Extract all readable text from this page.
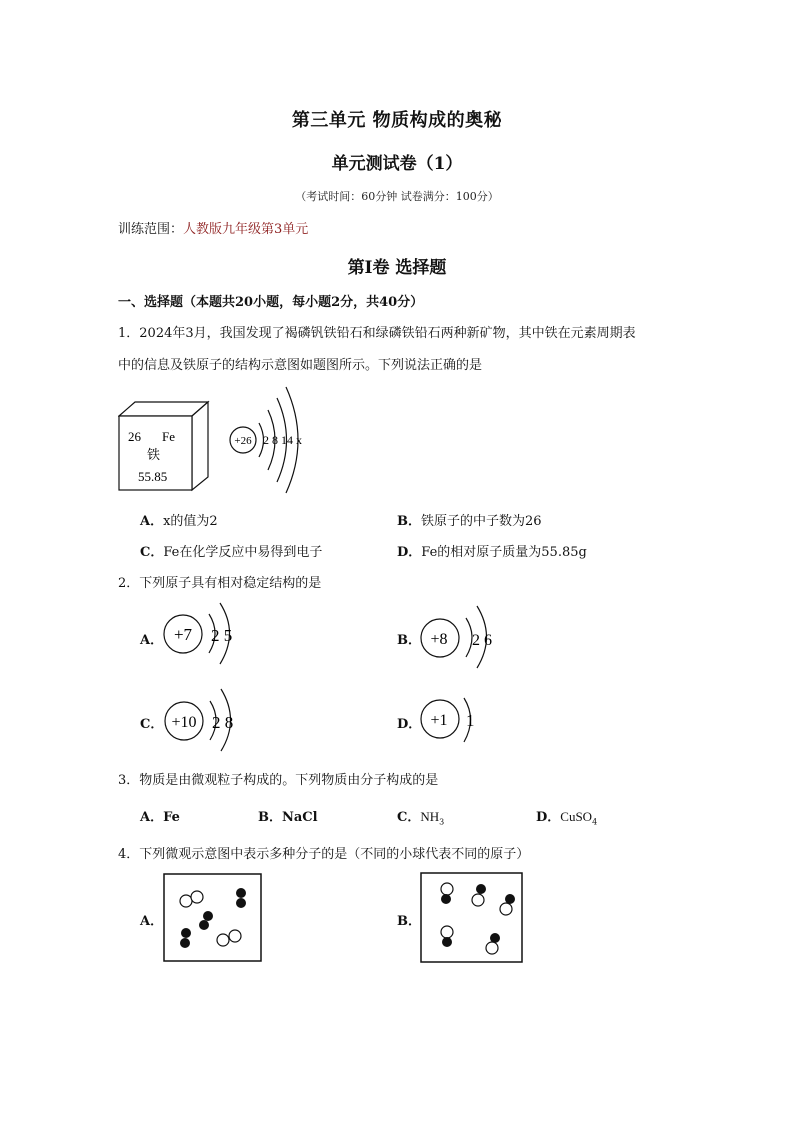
第三单元 物质构成的奥秘
单元测试卷（1）
（考试时间：60分钟 试卷满分：100分）
训练范围：人教版九年级第3单元
第Ⅰ卷 选择题
一、选择题（本题共20小题，每小题2分，共40分）
1．2024年3月，我国发现了褐磷钒铁铅石和绿磷铁铅石两种新矿物，其中铁在元素周期表
中的信息及铁原子的结构示意图如题图所示。下列说法正确的是
26 Fe
铁
55.85
+26 2 8 14 x
A．x的值为2	B．铁原子的中子数为26
C．Fe在化学反应中易得到电子	D．Fe的相对原子质量为55.85g
2．下列原子具有相对稳定结构的是
A． +7 2 5	B． +8 2 6
C． +10 2 8	D． +1 1
3．物质是由微观粒子构成的。下列物质由分子构成的是
A．Fe	B．NaCl	C．$NH_3$	D．CuSO$_4$
4．下列微观示意图中表示多种分子的是（不同的小球代表不同的原子）
A．	B．
